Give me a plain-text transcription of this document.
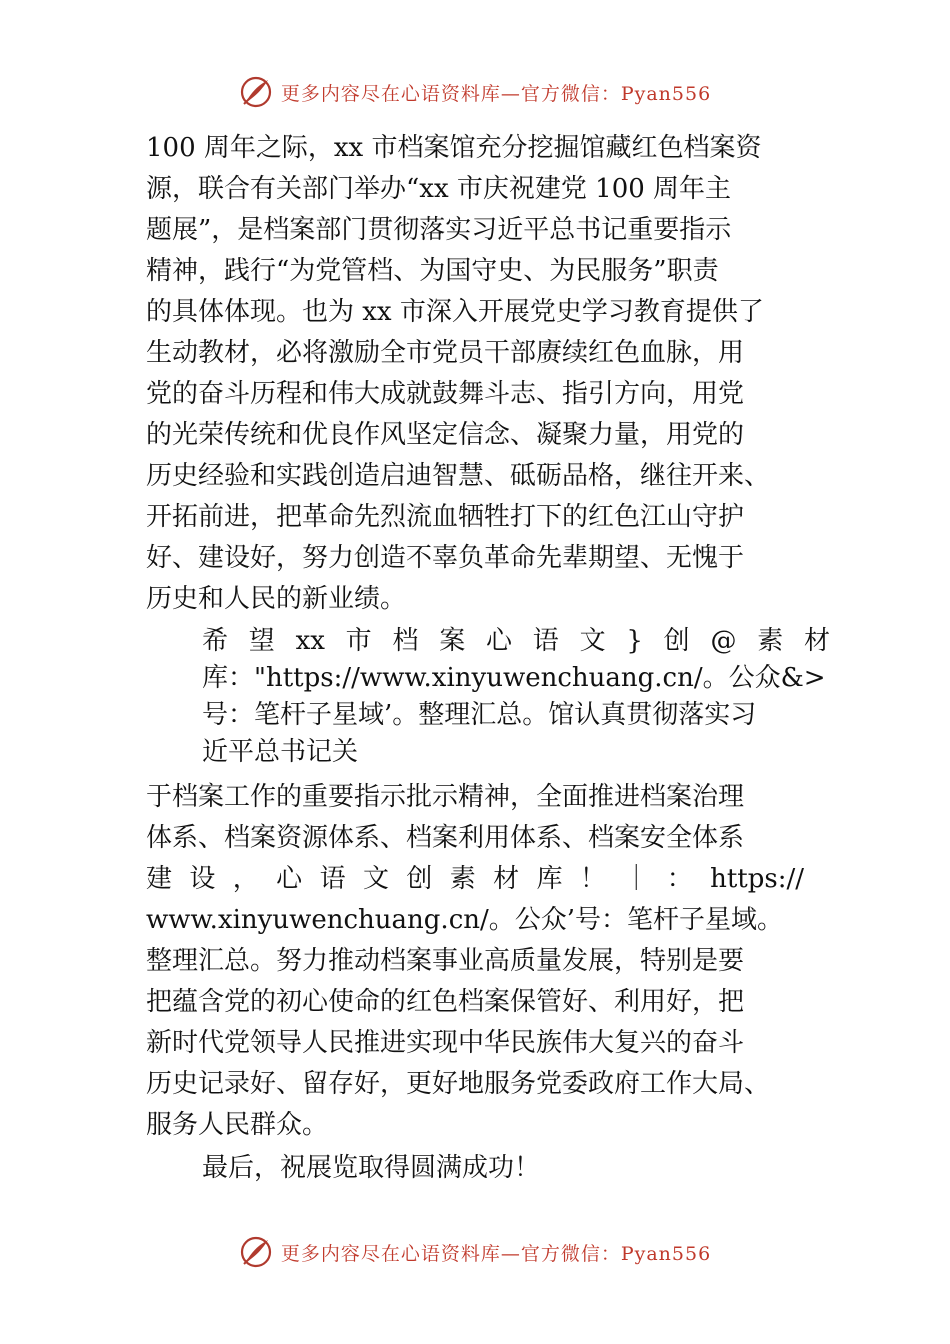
更多内容尽在心语资料库—官方微信：Pyan556
100 周年之际，xx 市档案馆充分挖掘馆藏红色档案资
源，联合有关部门举办“xx 市庆祝建党 100 周年主
题展”，是档案部门贯彻落实习近平总书记重要指示
精神，践行“为党管档、为国守史、为民服务”职责
的具体体现。也为 xx 市深入开展党史学习教育提供了
生动教材，必将激励全市党员干部赓续红色血脉，用
党的奋斗历程和伟大成就鼓舞斗志、指引方向，用党
的光荣传统和优良作风坚定信念、凝聚力量，用党的
历史经验和实践创造启迪智慧、砥砺品格，继往开来、
开拓前进，把革命先烈流血牺牲打下的红色江山守护
好、建设好，努力创造不辜负革命先辈期望、无愧于
历史和人民的新业绩。
希 望 xx 市 档 案 心 语 文 } 创 @ 素 材
库："https://www.xinyuwenchuang.cn/。公众&>
号：笔杆子星域’。整理汇总。馆认真贯彻落实习
近平总书记关
于档案工作的重要指示批示精神，全面推进档案治理
体系、档案资源体系、档案利用体系、档案安全体系
建 设 ， 心 语 文 创 素 材 库 ！ ｜ ： https://
www.xinyuwenchuang.cn/。公众’号：笔杆子星域。
整理汇总。努力推动档案事业高质量发展，特别是要
把蕴含党的初心使命的红色档案保管好、利用好，把
新时代党领导人民推进实现中华民族伟大复兴的奋斗
历史记录好、留存好，更好地服务党委政府工作大局、
服务人民群众。
最后，祝展览取得圆满成功！
更多内容尽在心语资料库—官方微信：Pyan556
